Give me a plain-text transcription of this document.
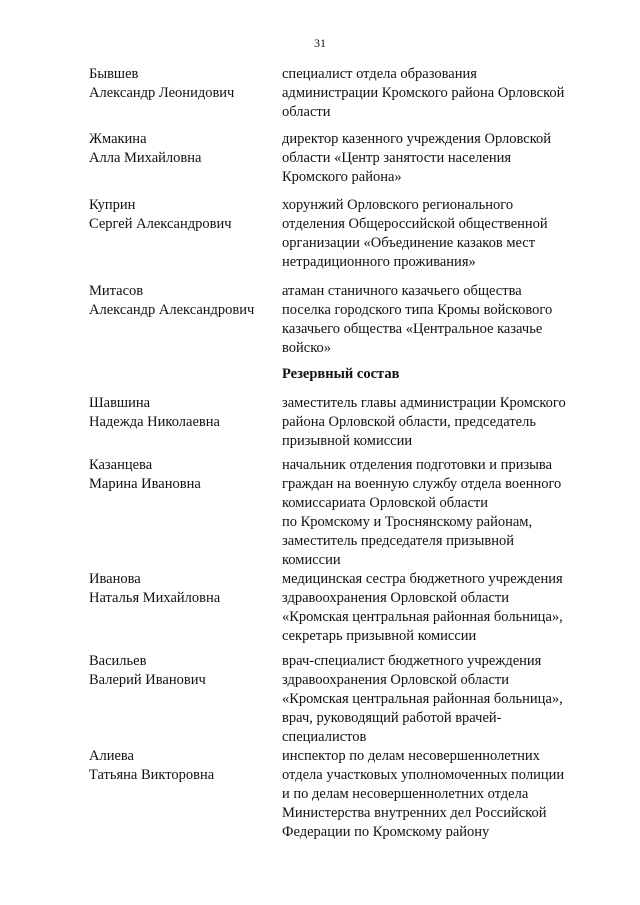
31
Бывшев
Александр Леонидович
специалист отдела образования
администрации Кромского района Орловской
области
Жмакина
Алла Михайловна
директор казенного учреждения Орловской
области «Центр занятости населения
Кромского района»
Куприн
Сергей Александрович
хорунжий Орловского регионального
отделения Общероссийской общественной
организации «Объединение казаков мест
нетрадиционного проживания»
Митасов
Александр Александрович
атаман станичного казачьего общества
поселка городского типа Кромы войскового
казачьего общества «Центральное казачье
войско»
Резервный состав
Шавшина
Надежда Николаевна
заместитель главы администрации Кромского
района Орловской области, председатель
призывной комиссии
Казанцева
Марина Ивановна
начальник отделения подготовки и призыва
граждан на военную службу отдела военного
комиссариата Орловской области
по Кромскому и Троснянскому районам,
заместитель председателя призывной
комиссии
Иванова
Наталья Михайловна
медицинская сестра бюджетного учреждения
здравоохранения Орловской области
«Кромская центральная районная больница»,
секретарь призывной комиссии
Васильев
Валерий Иванович
врач-специалист бюджетного учреждения
здравоохранения Орловской области
«Кромская центральная районная больница»,
врач, руководящий работой врачей-
специалистов
Алиева
Татьяна Викторовна
инспектор по делам несовершеннолетних
отдела участковых уполномоченных полиции
и по делам несовершеннолетних отдела
Министерства внутренних дел Российской
Федерации по Кромскому району
